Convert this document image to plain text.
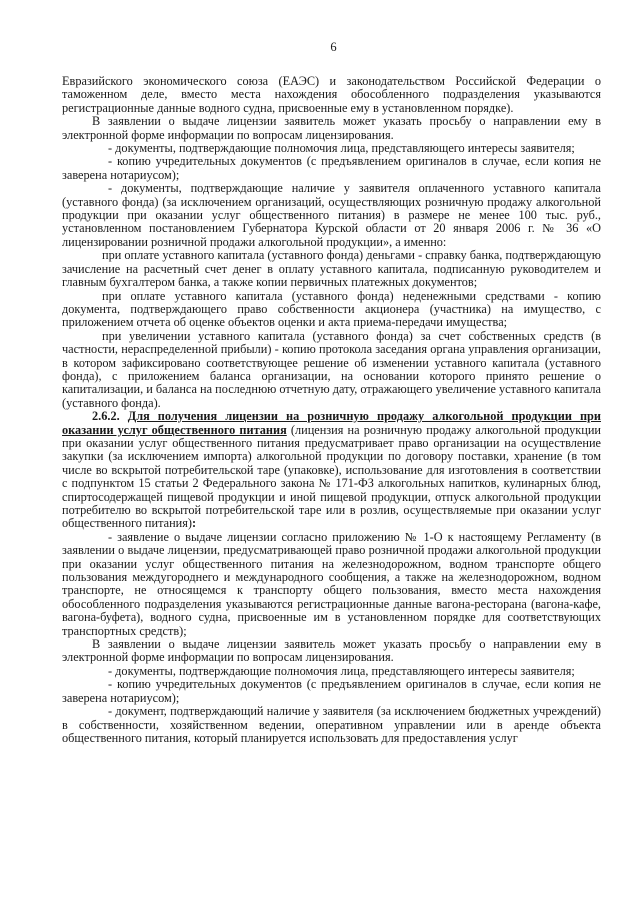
6

Евразийского экономического союза (ЕАЭС) и законодательством Российской Федерации о таможенном деле, вместо места нахождения обособленного подразделения указываются регистрационные данные водного судна, присвоенные ему в установленном порядке).

В заявлении о выдаче лицензии заявитель может указать просьбу о направлении ему в электронной форме информации по вопросам лицензирования.

- документы, подтверждающие полномочия лица, представляющего интересы заявителя;

- копию учредительных документов (с предъявлением оригиналов в случае, если копия не заверена нотариусом);

- документы, подтверждающие наличие у заявителя оплаченного уставного капитала (уставного фонда) (за исключением организаций, осуществляющих розничную продажу алкогольной продукции при оказании услуг общественного питания) в размере не менее 100 тыс. руб., установленном постановлением Губернатора Курской области от 20 января 2006 г. № 36 «О лицензировании розничной продажи алкогольной продукции», а именно:

при оплате уставного капитала (уставного фонда) деньгами - справку банка, подтверждающую зачисление на расчетный счет денег в оплату уставного капитала, подписанную руководителем и главным бухгалтером банка, а также копии первичных платежных документов;

при оплате уставного капитала (уставного фонда) неденежными средствами - копию документа, подтверждающего право собственности акционера (участника) на имущество, с приложением отчета об оценке объектов оценки и акта приема-передачи имущества;

при увеличении уставного капитала (уставного фонда) за счет собственных средств (в частности, нераспределенной прибыли) - копию протокола заседания органа управления организации, в котором зафиксировано соответствующее решение об изменении уставного капитала (уставного фонда), с приложением баланса организации, на основании которого принято решение о капитализации, и баланса на последнюю отчетную дату, отражающего увеличение уставного капитала (уставного фонда).

2.6.2. Для получения лицензии на розничную продажу алкогольной продукции при оказании услуг общественного питания (лицензия на розничную продажу алкогольной продукции при оказании услуг общественного питания предусматривает право организации на осуществление закупки (за исключением импорта) алкогольной продукции по договору поставки, хранение (в том числе во вскрытой потребительской таре (упаковке), использование для изготовления в соответствии с подпунктом 15 статьи 2 Федерального закона № 171-ФЗ алкогольных напитков, кулинарных блюд, спиртосодержащей пищевой продукции и иной пищевой продукции, отпуск алкогольной продукции потребителю во вскрытой потребительской таре или в розлив, осуществляемые при оказании услуг общественного питания):

- заявление о выдаче лицензии согласно приложению № 1-О к настоящему Регламенту (в заявлении о выдаче лицензии, предусматривающей право розничной продажи алкогольной продукции при оказании услуг общественного питания на железнодорожном, водном транспорте общего пользования междугороднего и международного сообщения, а также на железнодорожном, водном транспорте, не относящемся к транспорту общего пользования, вместо места нахождения обособленного подразделения указываются регистрационные данные вагона-ресторана (вагона-кафе, вагона-буфета), водного судна, присвоенные им в установленном порядке для соответствующих транспортных средств);

В заявлении о выдаче лицензии заявитель может указать просьбу о направлении ему в электронной форме информации по вопросам лицензирования.

- документы, подтверждающие полномочия лица, представляющего интересы заявителя;

- копию учредительных документов (с предъявлением оригиналов в случае, если копия не заверена нотариусом);

- документ, подтверждающий наличие у заявителя (за исключением бюджетных учреждений) в собственности, хозяйственном ведении, оперативном управлении или в аренде объекта общественного питания, который планируется использовать для предоставления услуг
